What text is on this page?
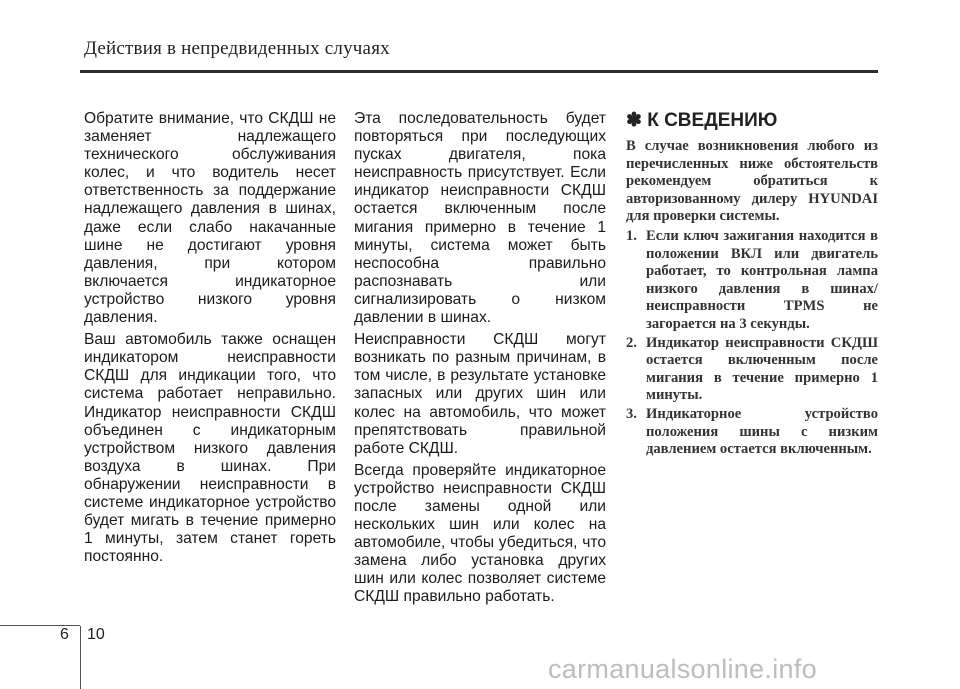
Действия в непредвиденных случаях

Обратите внимание, что СКДШ не заменяет надлежащего технического обслуживания колес, и что водитель несет ответственность за поддержание надлежащего давления в шинах, даже если слабо накачанные шине не достигают уровня давления, при котором включается индикаторное устройство низкого уровня давления.

Ваш автомобиль также оснащен индикатором неисправности СКДШ для индикации того, что система работает неправильно. Индикатор неисправности СКДШ объединен с индикаторным устройством низкого давления воздуха в шинах. При обнаружении неисправности в системе индикаторное устройство будет мигать в течение примерно 1 минуты, затем станет гореть постоянно.

Эта последовательность будет повторяться при последующих пусках двигателя, пока неисправность присутствует. Если индикатор неисправности СКДШ остается включенным после мигания примерно в течение 1 минуты, система может быть неспособна правильно распознавать или сигнализировать о низком давлении в шинах.

Неисправности СКДШ могут возникать по разным причинам, в том числе, в результате установке запасных или других шин или колес на автомобиль, что может препятствовать правильной работе СКДШ.

Всегда проверяйте индикаторное устройство неисправности СКДШ после замены одной или нескольких шин или колес на автомобиле, чтобы убедиться, что замена либо установка других шин или колес позволяет системе СКДШ правильно работать.

✽ К СВЕДЕНИЮ

В случае возникновения любого из перечисленных ниже обстоятельств рекомендуем обратиться к авторизованному дилеру HYUNDAI для проверки системы.

1. Если ключ зажигания находится в положении ВКЛ или двигатель работает, то контрольная лампа низкого давления в шинах/ неисправности TPMS не загорается на 3 секунды.
2. Индикатор неисправности СКДШ остается включенным после мигания в течение примерно 1 минуты.
3. Индикаторное устройство положения шины с низким давлением остается включенным.
6 10
carmanualsonline.info
